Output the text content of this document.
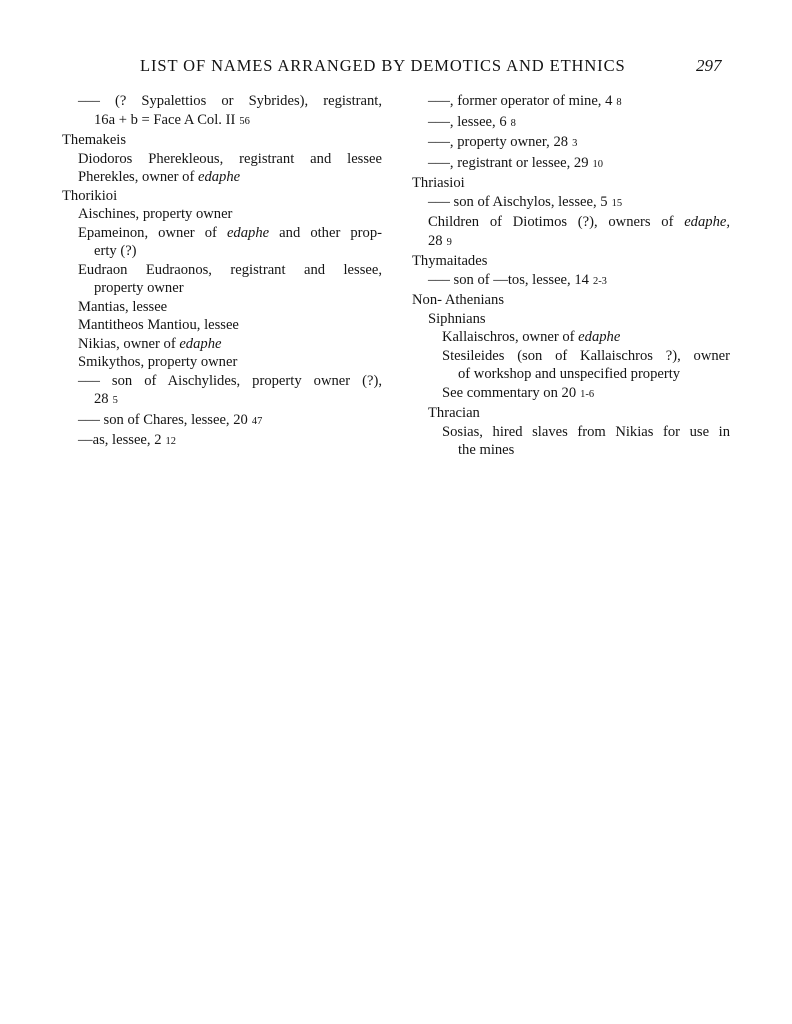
LIST OF NAMES ARRANGED BY DEMOTICS AND ETHNICS	297
––– (? Sypalettios or Sybrides), registrant,
16a + b = Face A Col. II 56
Themakeis
Diodoros Pherekleous, registrant and lessee
Pherekles, owner of edaphe
Thorikioi
Aischines, property owner
Epameinon, owner of edaphe and other prop-
erty (?)
Eudraon Eudraonos, registrant and lessee,
property owner
Mantias, lessee
Mantitheos Mantiou, lessee
Nikias, owner of edaphe
Smikythos, property owner
––– son of Aischylides, property owner (?),
28 5
––– son of Chares, lessee, 20 47
––as, lessee, 2 12
–––, former operator of mine, 4 8
–––, lessee, 6 8
–––, property owner, 28 3
–––, registrant or lessee, 29 10
Thriasioi
––– son of Aischylos, lessee, 5 15
Children of Diotimos (?), owners of edaphe,
28 9
Thymaitades
––– son of ––tos, lessee, 14 2-3
Non- Athenians
Siphnians
Kallaischros, owner of edaphe
Stesileides (son of Kallaischros ?), owner
of workshop and unspecified property
See commentary on 20 1-6
Thracian
Sosias, hired slaves from Nikias for use in
the mines
